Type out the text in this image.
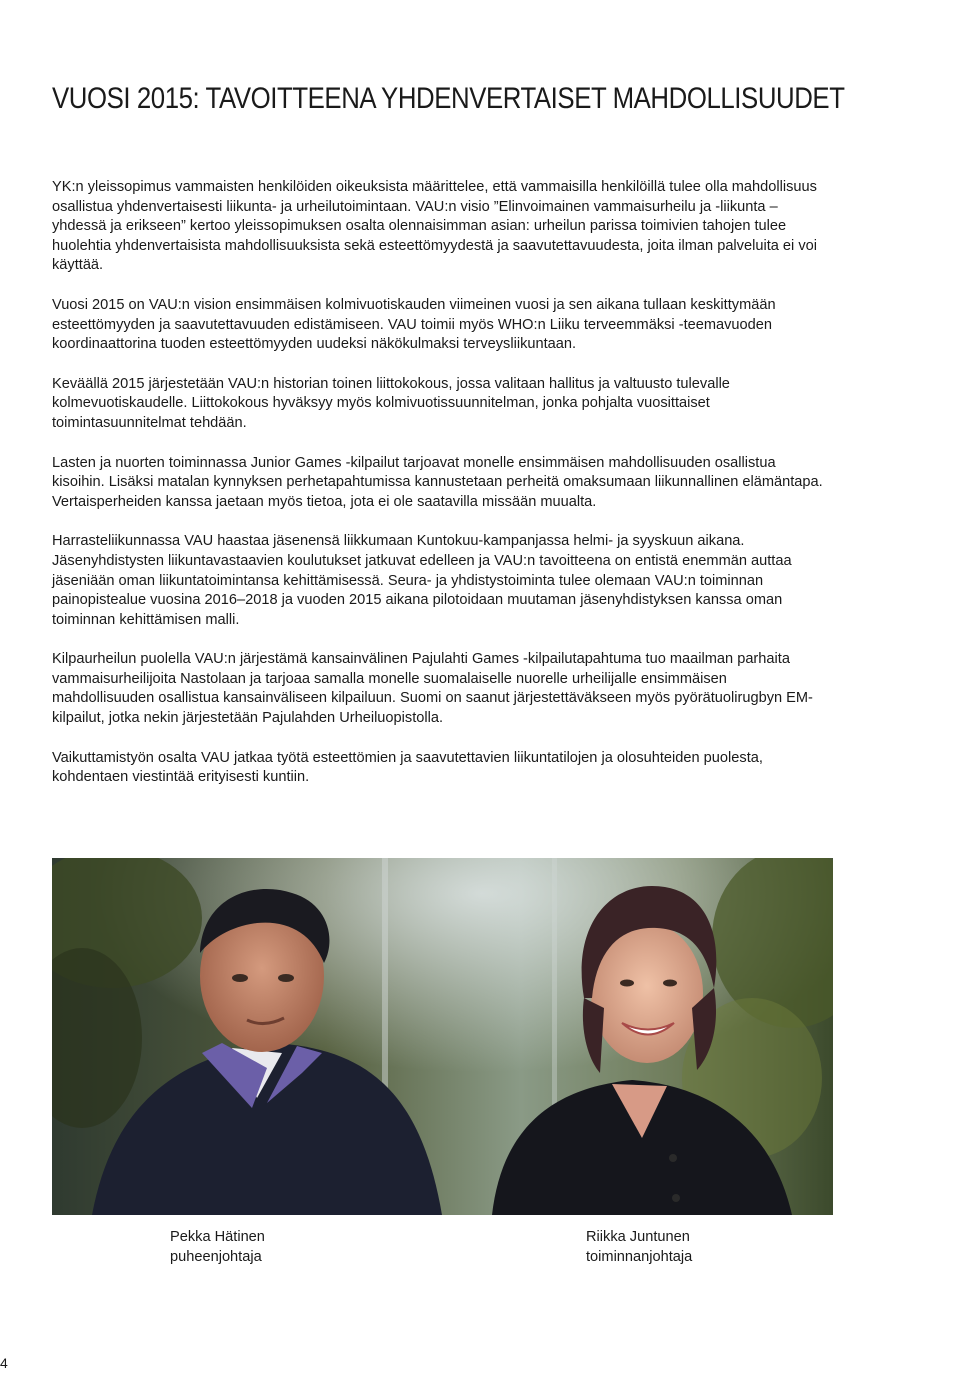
VUOSI 2015: TAVOITTEENA YHDENVERTAISET MAHDOLLISUUDET

YK:n yleissopimus vammaisten henkilöiden oikeuksista määrittelee, että vammaisilla henkilöillä tulee olla mahdollisuus osallistua yhdenvertaisesti liikunta- ja urheilutoimintaan. VAU:n visio ”Elinvoimainen vammaisurheilu ja -liikunta – yhdessä ja erikseen” kertoo yleissopimuksen osalta olennaisimman asian: urheilun parissa toimivien tahojen tulee huolehtia yhdenvertaisista mahdollisuuksista sekä esteettömyydestä ja saavutettavuudesta, joita ilman palveluita ei voi käyttää.

Vuosi 2015 on VAU:n vision ensimmäisen kolmivuotiskauden viimeinen vuosi ja sen aikana tullaan keskittymään esteettömyyden ja saavutettavuuden edistämiseen. VAU toimii myös WHO:n Liiku terveemmäksi -teemavuoden koordinaattorina tuoden esteettömyyden uudeksi näkökulmaksi terveysliikuntaan.

Keväällä 2015 järjestetään VAU:n historian toinen liittokokous, jossa valitaan hallitus ja valtuusto tulevalle kolmevuotiskaudelle. Liittokokous hyväksyy myös kolmivuotissuunnitelman, jonka pohjalta vuosittaiset toimintasuunnitelmat tehdään.

Lasten ja nuorten toiminnassa Junior Games -kilpailut tarjoavat monelle ensimmäisen mahdollisuuden osallistua kisoihin. Lisäksi matalan kynnyksen perhetapahtumissa kannustetaan perheitä omaksumaan liikunnallinen elämäntapa. Vertaisperheiden kanssa jaetaan myös tietoa, jota ei ole saatavilla missään muualta.

Harrasteliikunnassa VAU haastaa jäsenensä liikkumaan Kuntokuu-kampanjassa helmi- ja syyskuun aikana. Jäsenyhdistysten liikuntavastaavien koulutukset jatkuvat edelleen ja VAU:n tavoitteena on entistä enemmän auttaa jäseniään oman liikuntatoimintansa kehittämisessä. Seura- ja yhdistystoiminta tulee olemaan VAU:n toiminnan painopistealue vuosina 2016–2018 ja vuoden 2015 aikana pilotoidaan muutaman jäsenyhdistyksen kanssa oman toiminnan kehittämisen malli.

Kilpaurheilun puolella VAU:n järjestämä kansainvälinen Pajulahti Games -kilpailutapahtuma tuo maailman parhaita vammaisurheilijoita Nastolaan ja tarjoaa samalla monelle suomalaiselle nuorelle urheilijalle ensimmäisen mahdollisuuden osallistua kansainväliseen kilpailuun. Suomi on saanut järjestettäväkseen myös pyörätuolirugbyn EM-kilpailut, jotka nekin järjestetään Pajulahden Urheiluopistolla.

Vaikuttamistyön osalta VAU jatkaa työtä esteettömien ja saavutettavien liikuntatilojen ja olosuhteiden puolesta, kohdentaen viestintää erityisesti kuntiin.

Pekka Hätinen
puheenjohtaja
Riikka Juntunen
toiminnanjohtaja
4
